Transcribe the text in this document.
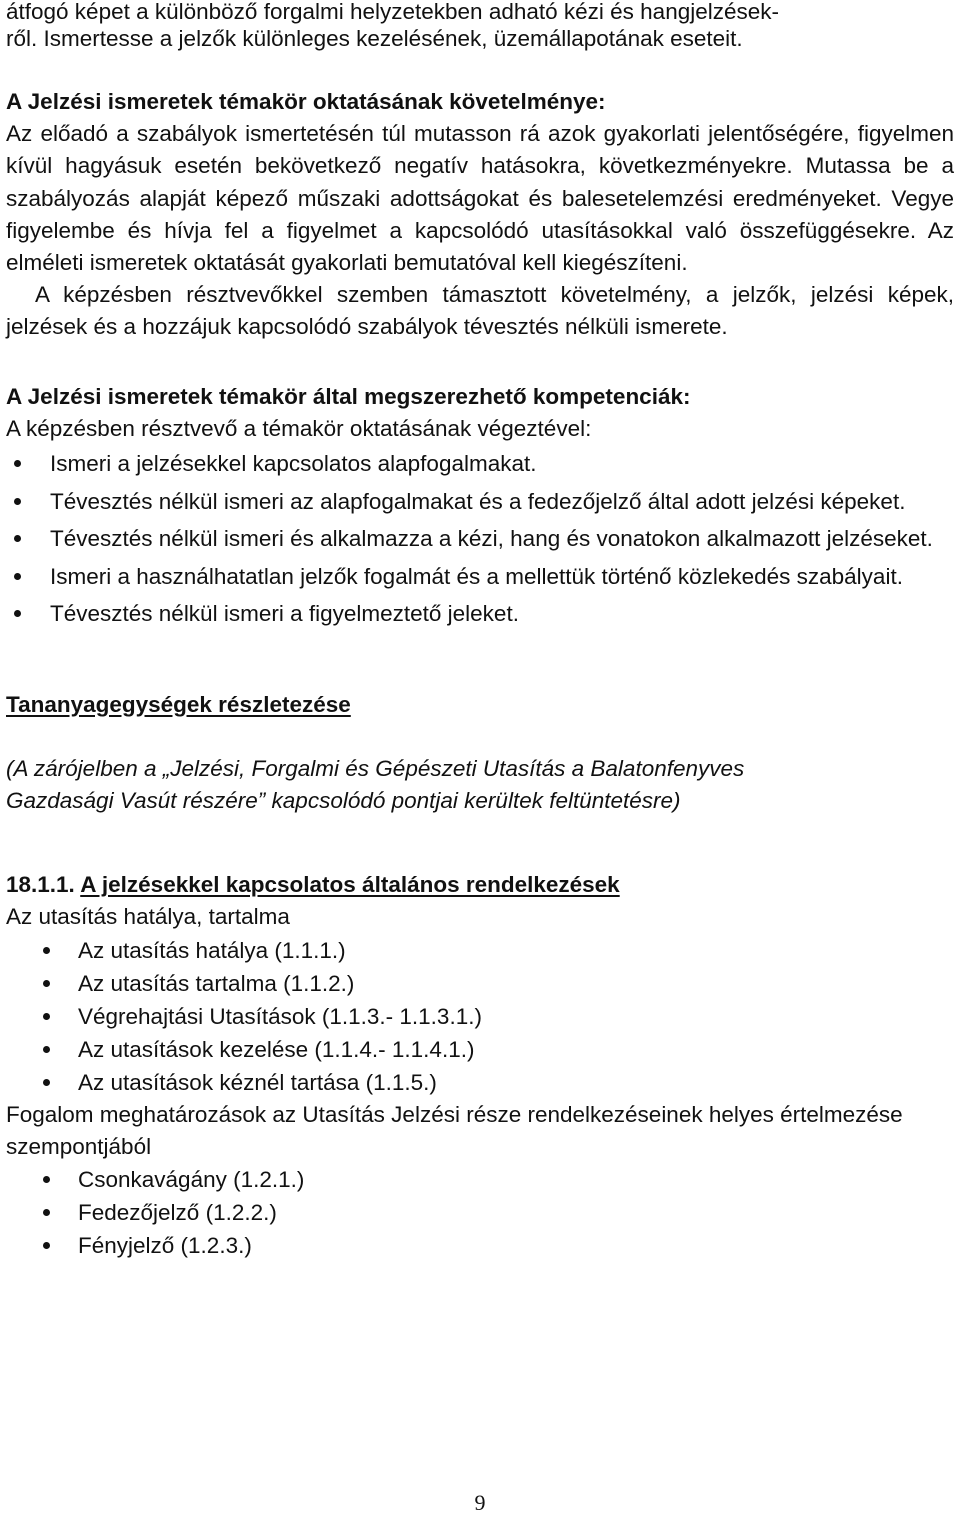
átfogó képet a különböző forgalmi helyzetekben adható kézi és hangjelzések-

ről. Ismertesse a jelzők különleges kezelésének, üzemállapotának eseteit.

A Jelzési ismeretek témakör oktatásának követelménye:

Az előadó a szabályok ismertetésén túl mutasson rá azok gyakorlati jelentőségére, figyelmen kívül hagyásuk esetén bekövetkező negatív hatásokra, következményekre. Mutassa be a szabályozás alapját képező műszaki adottságokat és balesetelemzési eredményeket. Vegye figyelembe és hívja fel a figyelmet a kapcsolódó utasításokkal való összefüggésekre. Az elméleti ismeretek oktatását gyakorlati bemutatóval kell kiegészíteni.

A képzésben résztvevőkkel szemben támasztott követelmény, a jelzők, jelzési képek, jelzések és a hozzájuk kapcsolódó szabályok tévesztés nélküli ismerete.

A Jelzési ismeretek témakör által megszerezhető kompetenciák:

A képzésben résztvevő a témakör oktatásának végeztével:

Ismeri a jelzésekkel kapcsolatos alapfogalmakat.
Tévesztés nélkül ismeri az alapfogalmakat és a fedezőjelző által adott jelzési képeket.
Tévesztés nélkül ismeri és alkalmazza a kézi, hang és vonatokon alkalmazott jelzéseket.
Ismeri a használhatatlan jelzők fogalmát és a mellettük történő közlekedés szabályait.
Tévesztés nélkül ismeri a figyelmeztető jeleket.

Tananyagegységek részletezése

(A zárójelben a „Jelzési, Forgalmi és Gépészeti Utasítás a Balatonfenyves

Gazdasági Vasút részére” kapcsolódó pontjai kerültek feltüntetésre)

18.1.1. A jelzésekkel kapcsolatos általános rendelkezések

Az utasítás hatálya, tartalma

Az utasítás hatálya (1.1.1.)
Az utasítás tartalma (1.1.2.)
Végrehajtási Utasítások (1.1.3.- 1.1.3.1.)
Az utasítások kezelése (1.1.4.- 1.1.4.1.)
Az utasítások kéznél tartása (1.1.5.)

Fogalom meghatározások az Utasítás Jelzési része rendelkezéseinek helyes értelmezése szempontjából

Csonkavágány (1.2.1.)
Fedezőjelző (1.2.2.)
Fényjelző (1.2.3.)
9
